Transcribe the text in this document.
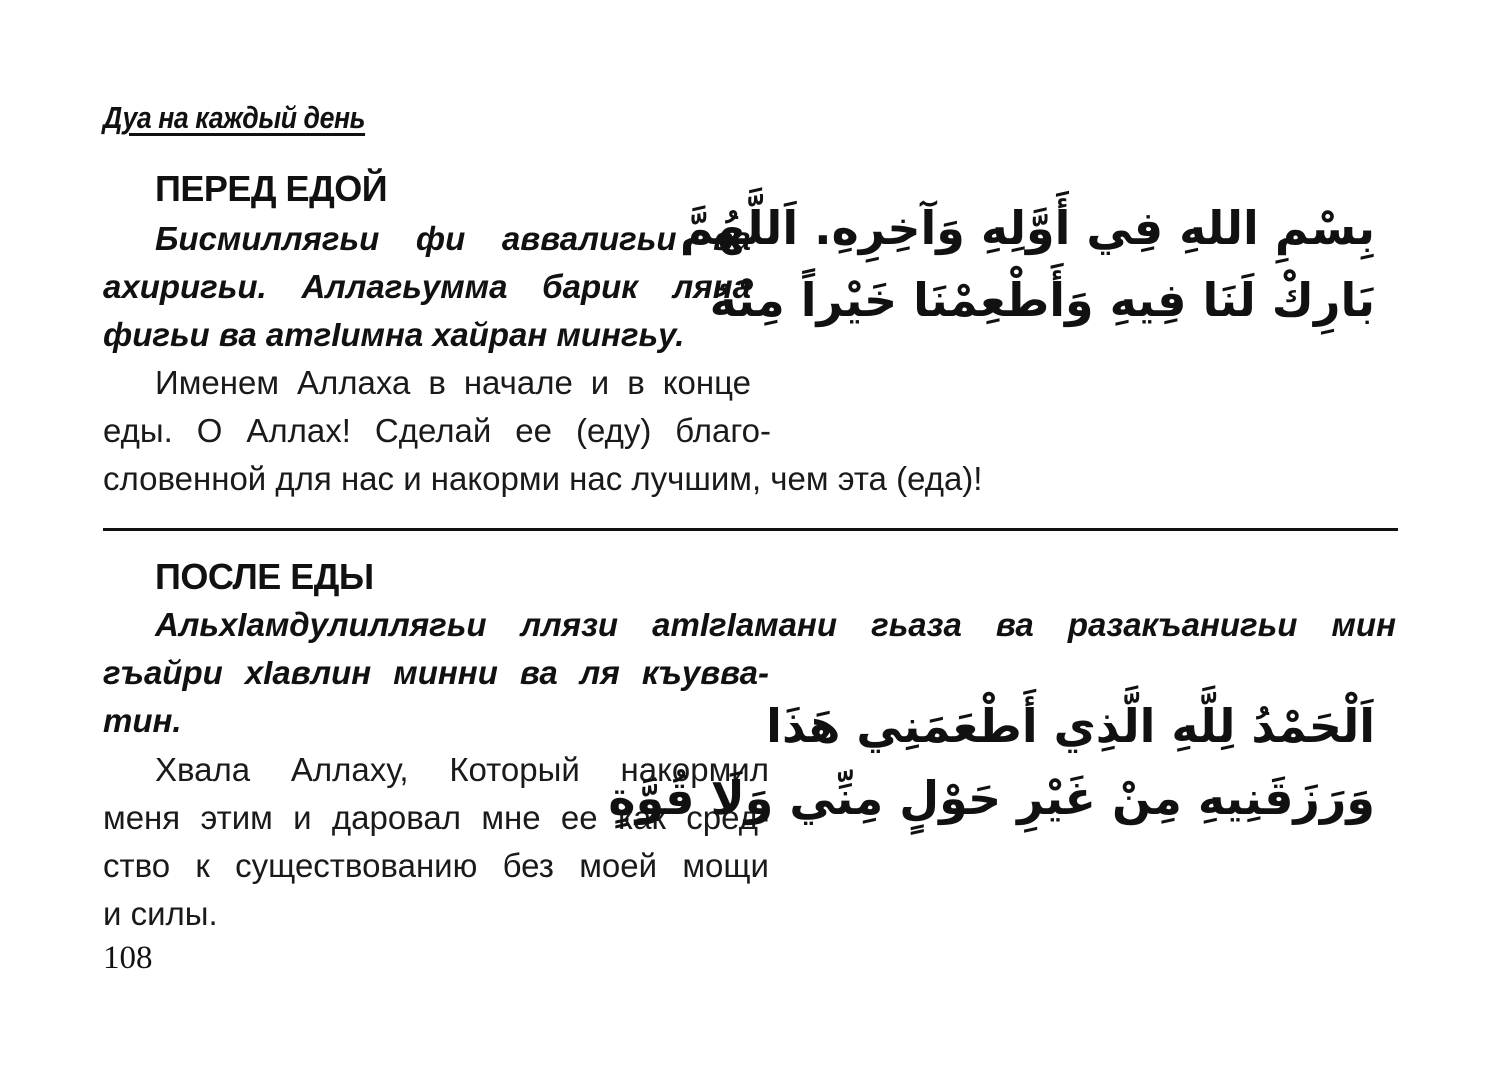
Дуа на каждый день
ПЕРЕД ЕДОЙ
Бисмиллягьи фи аввалигьи ва
ахиригьи. Аллагьумма барик ляна
фигьи ва атгIимна хайран мингьу.
Именем Аллаха в начале и в конце
еды. О Аллах! Сделай ее (еду) благо-
словенной для нас и накорми нас лучшим, чем эта (еда)!
بِسْمِ اللهِ فِي أَوَّلِهِ وَآخِرِهِ. اَللَّهُمَّ
بَارِكْ لَنَا فِيهِ وَأَطْعِمْنَا خَيْراً مِنْهُ
ПОСЛЕ ЕДЫ
АльхIамдулиллягьи ллязи атIгIамани гьаза ва разакъанигьи мин
гъайри хIавлин минни ва ля къувва-
тин.
Хвала Аллаху, Который накормил
меня этим и даровал мне ее как сред-
ство к существованию без моей мощи
и силы.
اَلْحَمْدُ لِلَّهِ الَّذِي أَطْعَمَنِي هَذَا
وَرَزَقَنِيهِ مِنْ غَيْرِ حَوْلٍ مِنِّي وَلَا قُوَّةٍ
108
